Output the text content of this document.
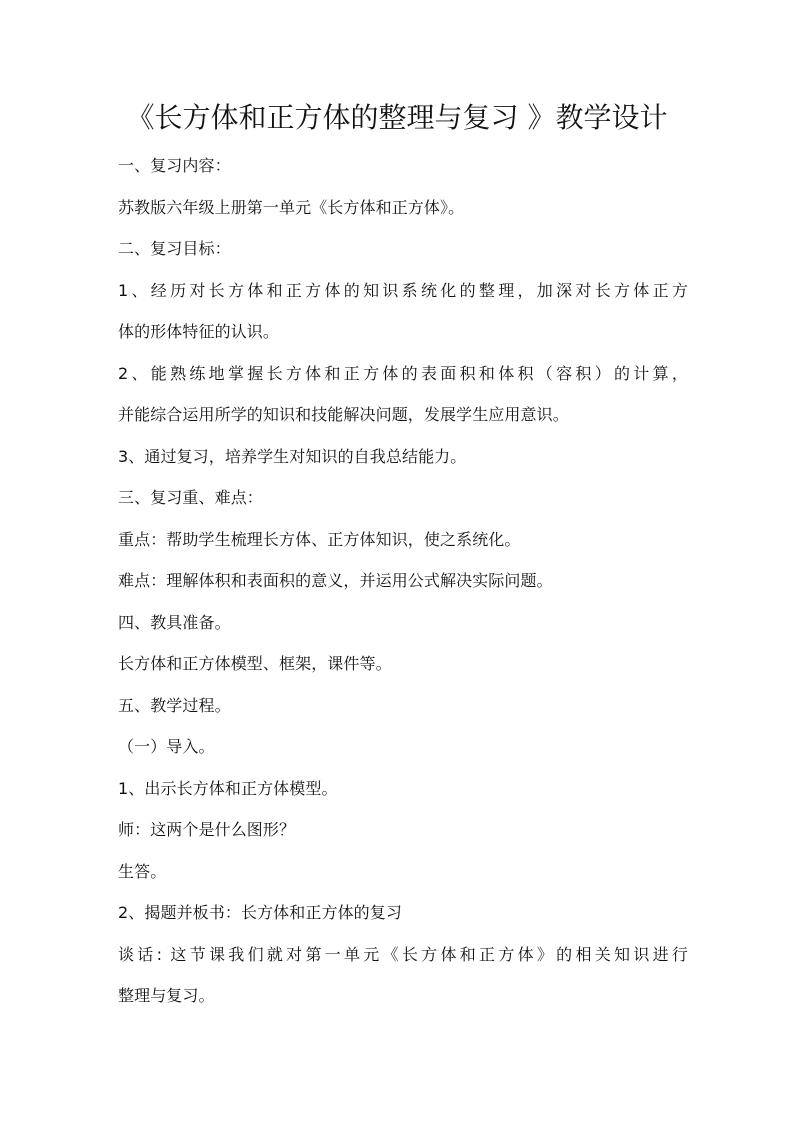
《长方体和正方体的整理与复习 》教学设计
一、复习内容：
苏教版六年级上册第一单元《长方体和正方体》。
二、复习目标：
1、经历对长方体和正方体的知识系统化的整理，加深对长方体正方
体的形体特征的认识。
2、能熟练地掌握长方体和正方体的表面积和体积（容积）的计算，
并能综合运用所学的知识和技能解决问题，发展学生应用意识。
3、通过复习，培养学生对知识的自我总结能力。
三、复习重、难点：
重点：帮助学生梳理长方体、正方体知识，使之系统化。
难点：理解体积和表面积的意义，并运用公式解决实际问题。
四、教具准备。
长方体和正方体模型、框架，课件等。
五、教学过程。
（一）导入。
1、出示长方体和正方体模型。
师：这两个是什么图形？
生答。
2、揭题并板书：长方体和正方体的复习
谈话: 这节课我们就对第一单元《长方体和正方体》的相关知识进行
整理与复习。
